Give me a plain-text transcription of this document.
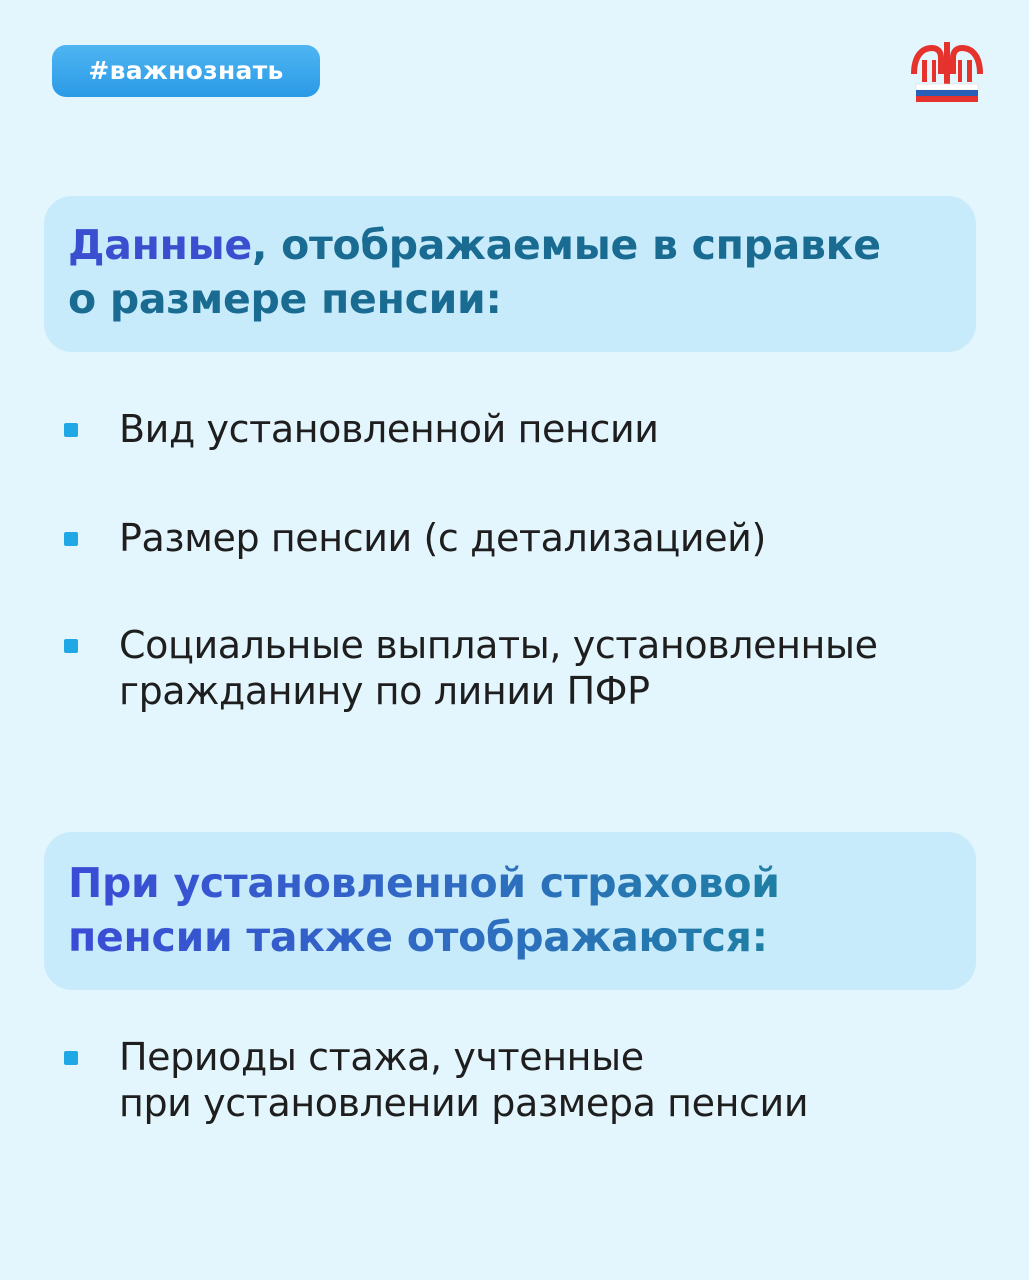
#важнознать
Данные, отображаемые в справке
о размере пенсии:
Вид установленной пенсии
Размер пенсии (с детализацией)
Социальные выплаты, установленные
гражданину по линии ПФР
При установленной страховой
пенсии также отображаются:
Периоды стажа, учтенные
при установлении размера пенсии
